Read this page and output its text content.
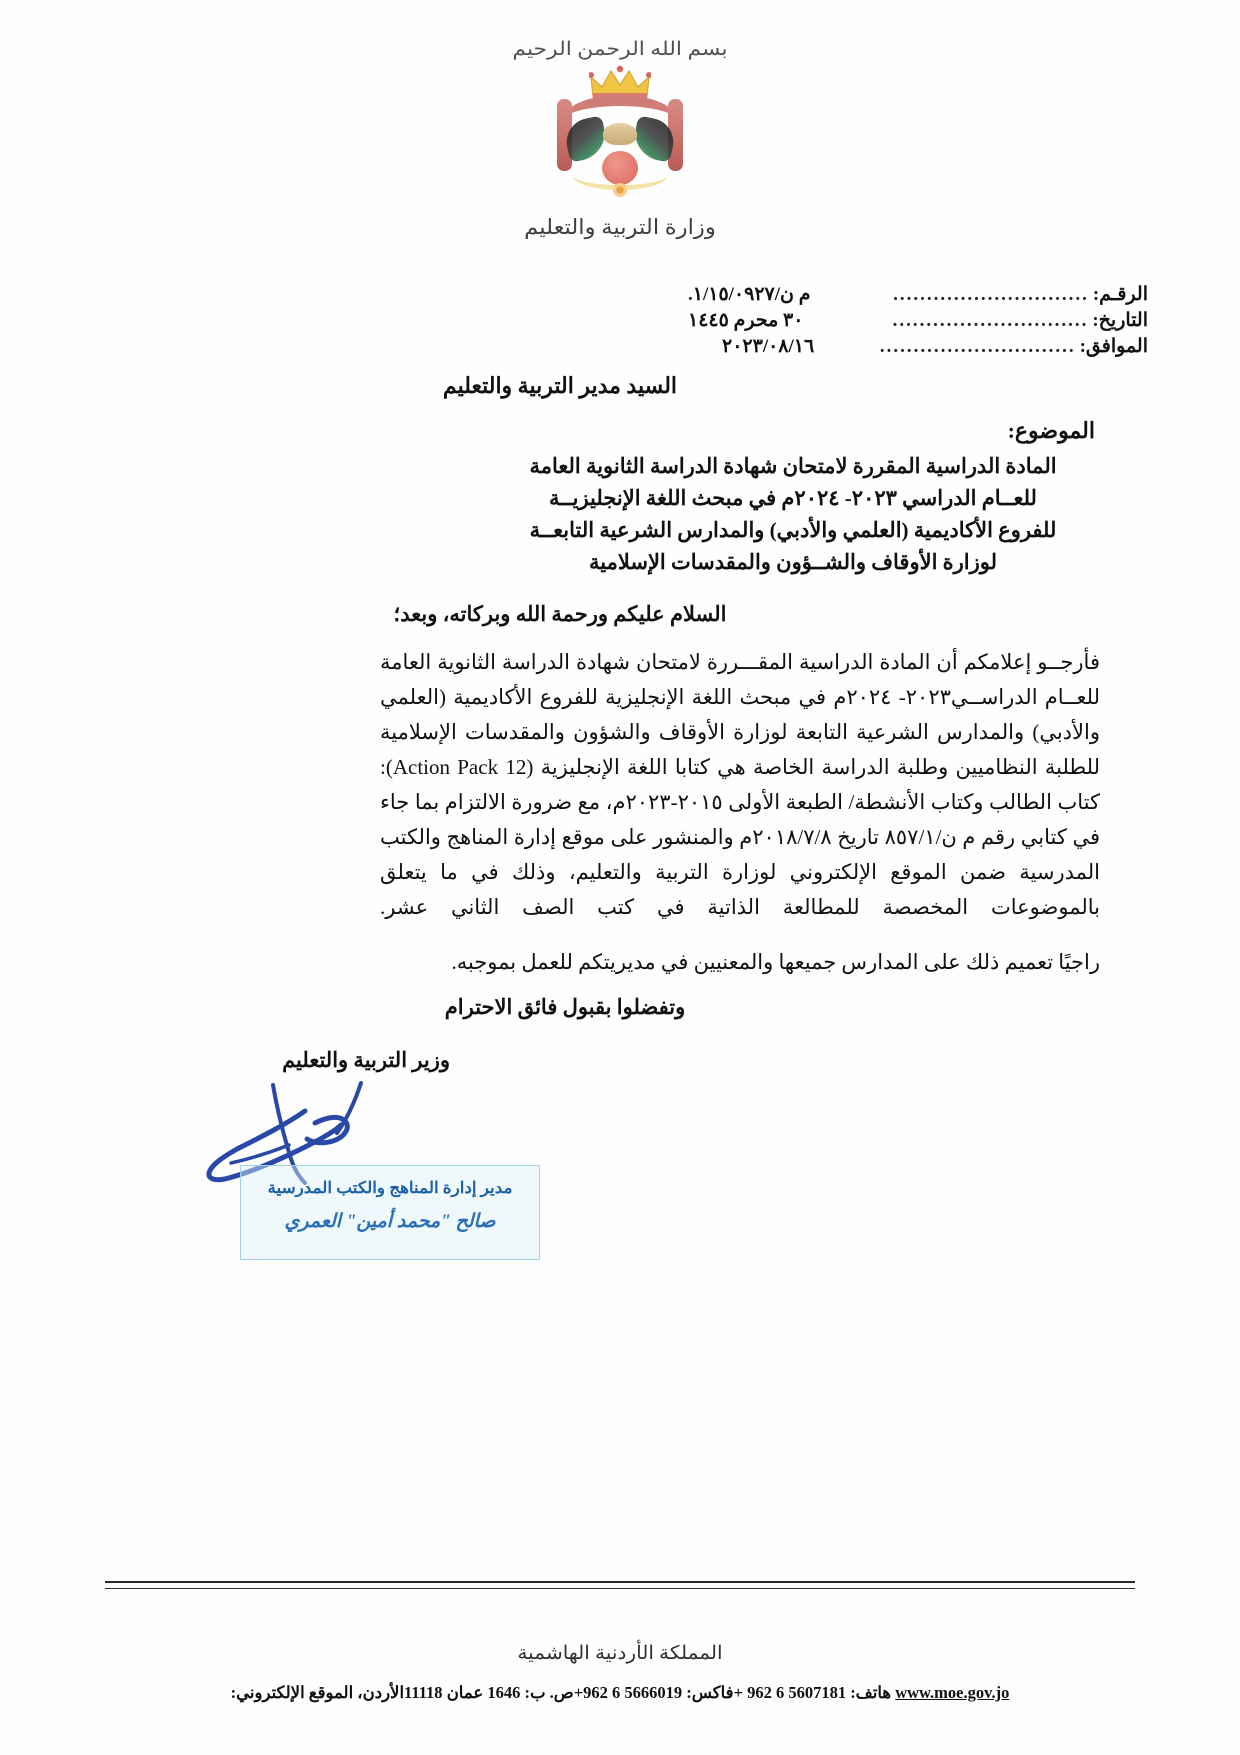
بسم الله الرحمن الرحيم
وزارة التربية والتعليم
الرقـم:
.............................
م ن/١/١٥/٠٩٢٧.
التاريخ:
.............................
٣٠ محرم ١٤٤٥
الموافق:
.............................
٢٠٢٣/٠٨/١٦
السيد مدير التربية والتعليم
الموضوع:
المادة الدراسية المقررة لامتحان شهادة الدراسة الثانوية العامة
للعــام الدراسي ٢٠٢٣- ٢٠٢٤م في مبحث اللغة الإنجليزيــة
للفروع الأكاديمية (العلمي والأدبي) والمدارس الشرعية التابعــة
لوزارة الأوقاف والشــؤون والمقدسات الإسلامية
السلام عليكم ورحمة الله وبركاته، وبعد؛
فأرجــو إعلامكم أن المادة الدراسية المقـــررة لامتحان شهادة الدراسة الثانوية العامة للعــام الدراســي٢٠٢٣- ٢٠٢٤م في مبحث اللغة الإنجليزية للفروع الأكاديمية (العلمي والأدبي) والمدارس الشرعية التابعة لوزارة الأوقاف والشؤون والمقدسات الإسلامية للطلبة النظاميين وطلبة الدراسة الخاصة هي كتابا اللغة الإنجليزية (Action Pack 12): كتاب الطالب وكتاب الأنشطة/ الطبعة الأولى ٢٠١٥-٢٠٢٣م، مع ضرورة الالتزام بما جاء في كتابي رقم م ن/٨٥٧/١ تاريخ ٢٠١٨/٧/٨م والمنشور على موقع إدارة المناهج والكتب المدرسية ضمن الموقع الإلكتروني لوزارة التربية والتعليم، وذلك في ما يتعلق بالموضوعات المخصصة للمطالعة الذاتية في كتب الصف الثاني عشر.
راجيًا تعميم ذلك على المدارس جميعها والمعنيين في مديريتكم للعمل بموجبه.
وتفضلوا بقبول فائق الاحترام
وزير التربية والتعليم
مدير إدارة المناهج والكتب المدرسية
صالح "محمد أمين" العمري
المملكة الأردنية الهاشمية
www.moe.gov.jo هاتف: 5607181 6 962 +فاكس: 5666019 6 962+ص. ب: 1646 عمان 11118الأردن، الموقع الإلكتروني:
